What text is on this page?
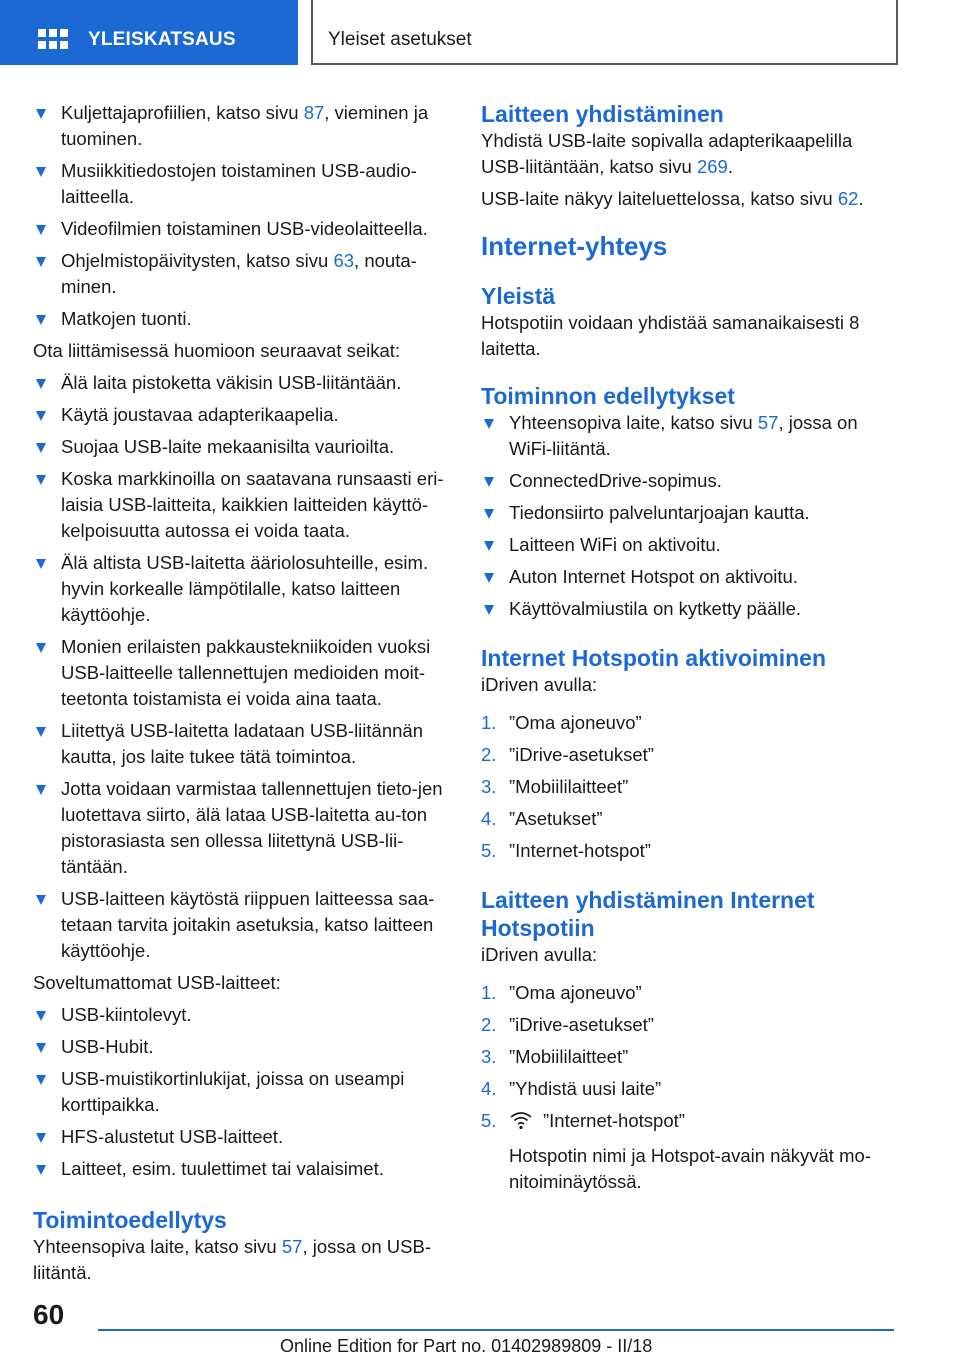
YLEISKATSAUS	Yleiset asetukset
Kuljettajaprofiilien, katso sivu 87, vieminen ja tuominen.
Musiikkitiedostojen toistaminen USB-audio-laitteella.
Videofilmien toistaminen USB-videolaitteella.
Ohjelmistopäivitysten, katso sivu 63, nouta-minen.
Matkojen tuonti.

Ota liittämisessä huomioon seuraavat seikat:

Älä laita pistoketta väkisin USB-liitäntään.
Käytä joustavaa adapterikaapelia.
Suojaa USB-laite mekaanisilta vaurioilta.
Koska markkinoilla on saatavana runsaasti eri-laisia USB-laitteita, kaikkien laitteiden käyttö-kelpoisuutta autossa ei voida taata.
Älä altista USB-laitetta ääriolosuhteille, esim. hyvin korkealle lämpötilalle, katso laitteen käyttöohje.
Monien erilaisten pakkaustekniikoiden vuoksi USB-laitteelle tallennettujen medioiden moit-teetonta toistamista ei voida aina taata.
Liitettyä USB-laitetta ladataan USB-liitännän kautta, jos laite tukee tätä toimintoa.
Jotta voidaan varmistaa tallennettujen tieto-jen luotettava siirto, älä lataa USB-laitetta au-ton pistorasiasta sen ollessa liitettynä USB-lii-täntään.
USB-laitteen käytöstä riippuen laitteessa saa-tetaan tarvita joitakin asetuksia, katso laitteen käyttöohje.

Soveltumattomat USB-laitteet:

USB-kiintolevyt.
USB-Hubit.
USB-muistikortinlukijat, joissa on useampi korttipaikka.
HFS-alustetut USB-laitteet.
Laitteet, esim. tuulettimet tai valaisimet.
Toimintoedellytys

Yhteensopiva laite, katso sivu 57, jossa on USB-liitäntä.

Laitteen yhdistäminen

Yhdistä USB-laite sopivalla adapterikaapelilla USB-liitäntään, katso sivu 269.

USB-laite näkyy laiteluettelossa, katso sivu 62.

Internet-yhteys
Yleistä

Hotspotiin voidaan yhdistää samanaikaisesti 8 laitetta.

Toiminnon edellytykset
Yhteensopiva laite, katso sivu 57, jossa on WiFi-liitäntä.
ConnectedDrive-sopimus.
Tiedonsiirto palveluntarjoajan kautta.
Laitteen WiFi on aktivoitu.
Auton Internet Hotspot on aktivoitu.
Käyttövalmiustila on kytketty päälle.
Internet Hotspotin aktivoiminen

iDriven avulla:

1. ”Oma ajoneuvo”
2. ”iDrive-asetukset”
3. ”Mobiililaitteet”
4. ”Asetukset”
5. ”Internet-hotspot”
Laitteen yhdistäminen Internet
Hotspotiin

iDriven avulla:

1. ”Oma ajoneuvo”
2. ”iDrive-asetukset”
3. ”Mobiililaitteet”
4. ”Yhdistä uusi laite”
5.	”Internet-hotspot”
Hotspotin nimi ja Hotspot-avain näkyvät mo-nitoiminäytössä.
60
Online Edition for Part no. 01402989809 - II/18
